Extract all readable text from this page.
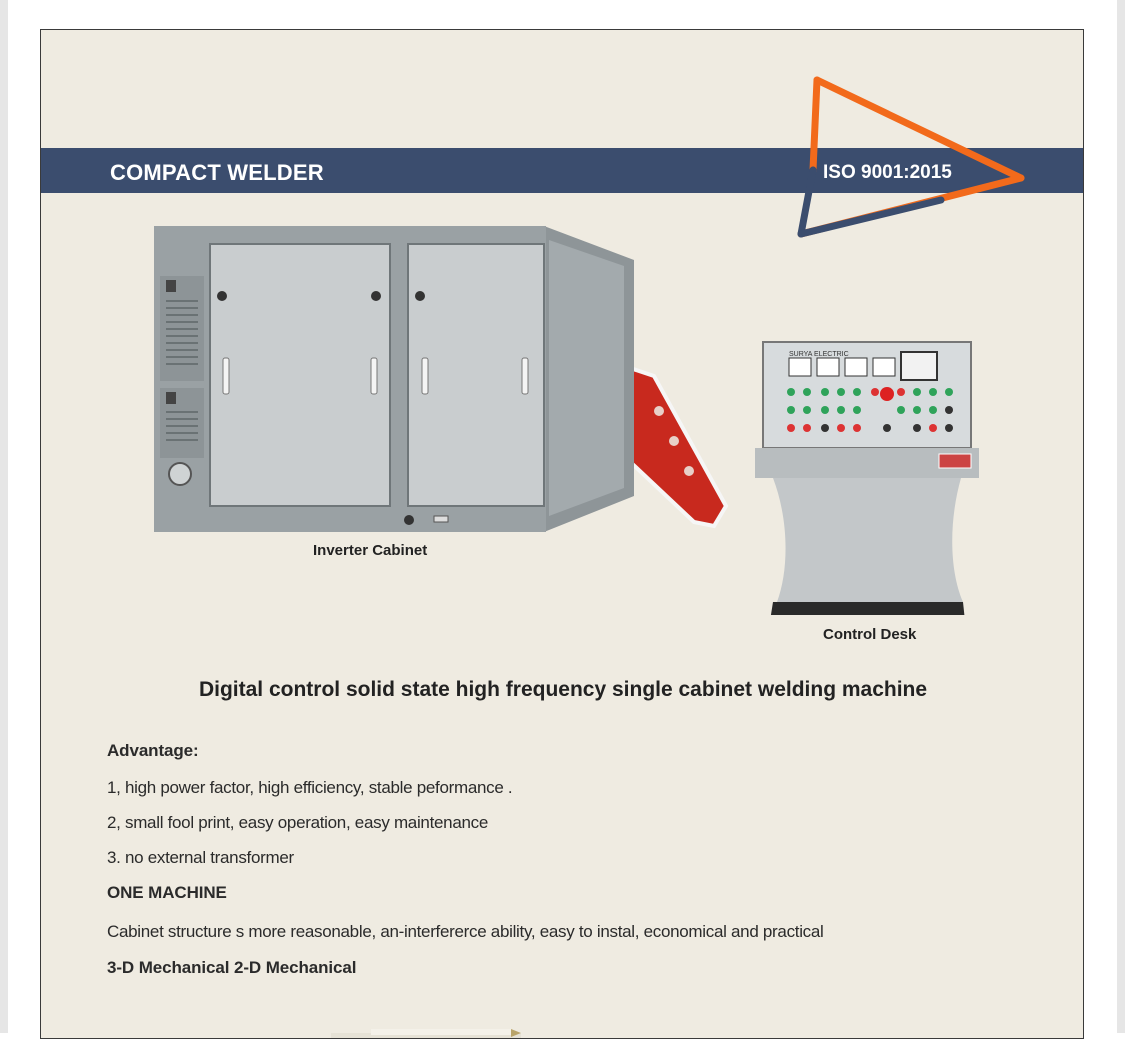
COMPACT WELDER	ISO 9001:2015
Inverter Cabinet
SURYA ELECTRIC
Control Desk
Digital control solid state high frequency single cabinet welding machine
Advantage:
1, high power factor, high efficiency, stable peformance .
2, small fool print, easy operation, easy maintenance
3. no external transformer
ONE MACHINE
Cabinet structure s more reasonable, an-interferercе ability, easy to instal, economical and practical
3-D Mechanical 2-D Mechanical
